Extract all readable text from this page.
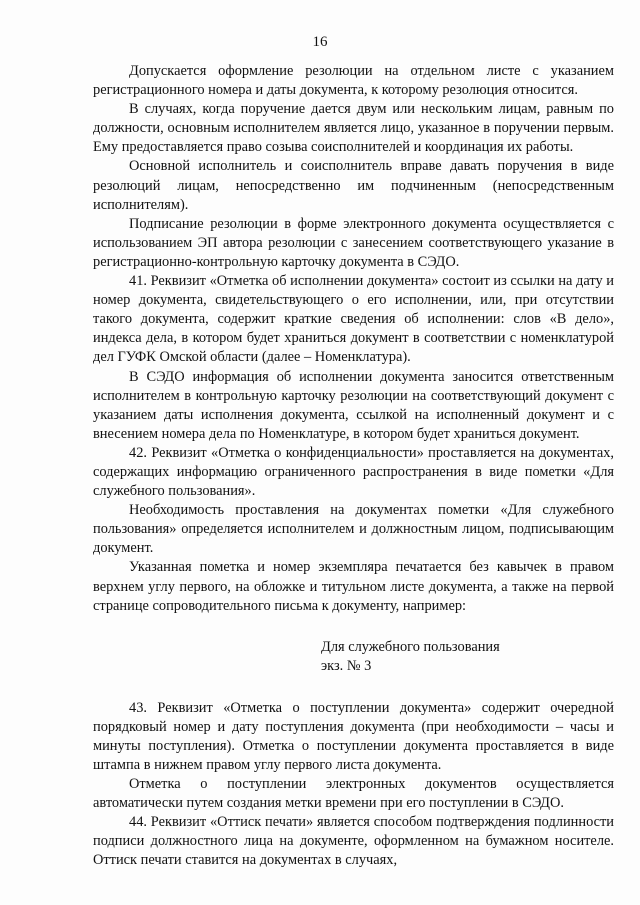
16

Допускается оформление резолюции на отдельном листе с указанием регистрационного номера и даты документа, к которому резолюция относится.

В случаях, когда поручение дается двум или нескольким лицам, равным по должности, основным исполнителем является лицо, указанное в поручении первым. Ему предоставляется право созыва соисполнителей и координация их работы.

Основной исполнитель и соисполнитель вправе давать поручения в виде резолюций лицам, непосредственно им подчиненным (непосредственным исполнителям).

Подписание резолюции в форме электронного документа осуществляется с использованием ЭП автора резолюции с занесением соответствующего указание в регистрационно-контрольную карточку документа в СЭДО.

41. Реквизит «Отметка об исполнении документа» состоит из ссылки на дату и номер документа, свидетельствующего о его исполнении, или, при отсутствии такого документа, содержит краткие сведения об исполнении: слов «В дело», индекса дела, в котором будет храниться документ в соответствии с номенклатурой дел ГУФК Омской области (далее – Номенклатура).

В СЭДО информация об исполнении документа заносится ответственным исполнителем в контрольную карточку резолюции на соответствующий документ с указанием даты исполнения документа, ссылкой на исполненный документ и с внесением номера дела по Номенклатуре, в котором будет храниться документ.

42. Реквизит «Отметка о конфиденциальности» проставляется на документах, содержащих информацию ограниченного распространения в виде пометки «Для служебного пользования».

Необходимость проставления на документах пометки «Для служебного пользования» определяется исполнителем и должностным лицом, подписывающим документ.

Указанная пометка и номер экземпляра печатается без кавычек в правом верхнем углу первого, на обложке и титульном листе документа, а также на первой странице сопроводительного письма к документу, например:

Для служебного пользования
экз. № 3

43. Реквизит «Отметка о поступлении документа» содержит очередной порядковый номер и дату поступления документа (при необходимости – часы и минуты поступления). Отметка о поступлении документа проставляется в виде штампа в нижнем правом углу первого листа документа.

Отметка о поступлении электронных документов осуществляется автоматически путем создания метки времени при его поступлении в СЭДО.

44. Реквизит «Оттиск печати» является способом подтверждения подлинности подписи должностного лица на документе, оформленном на бумажном носителе. Оттиск печати ставится на документах в случаях,
